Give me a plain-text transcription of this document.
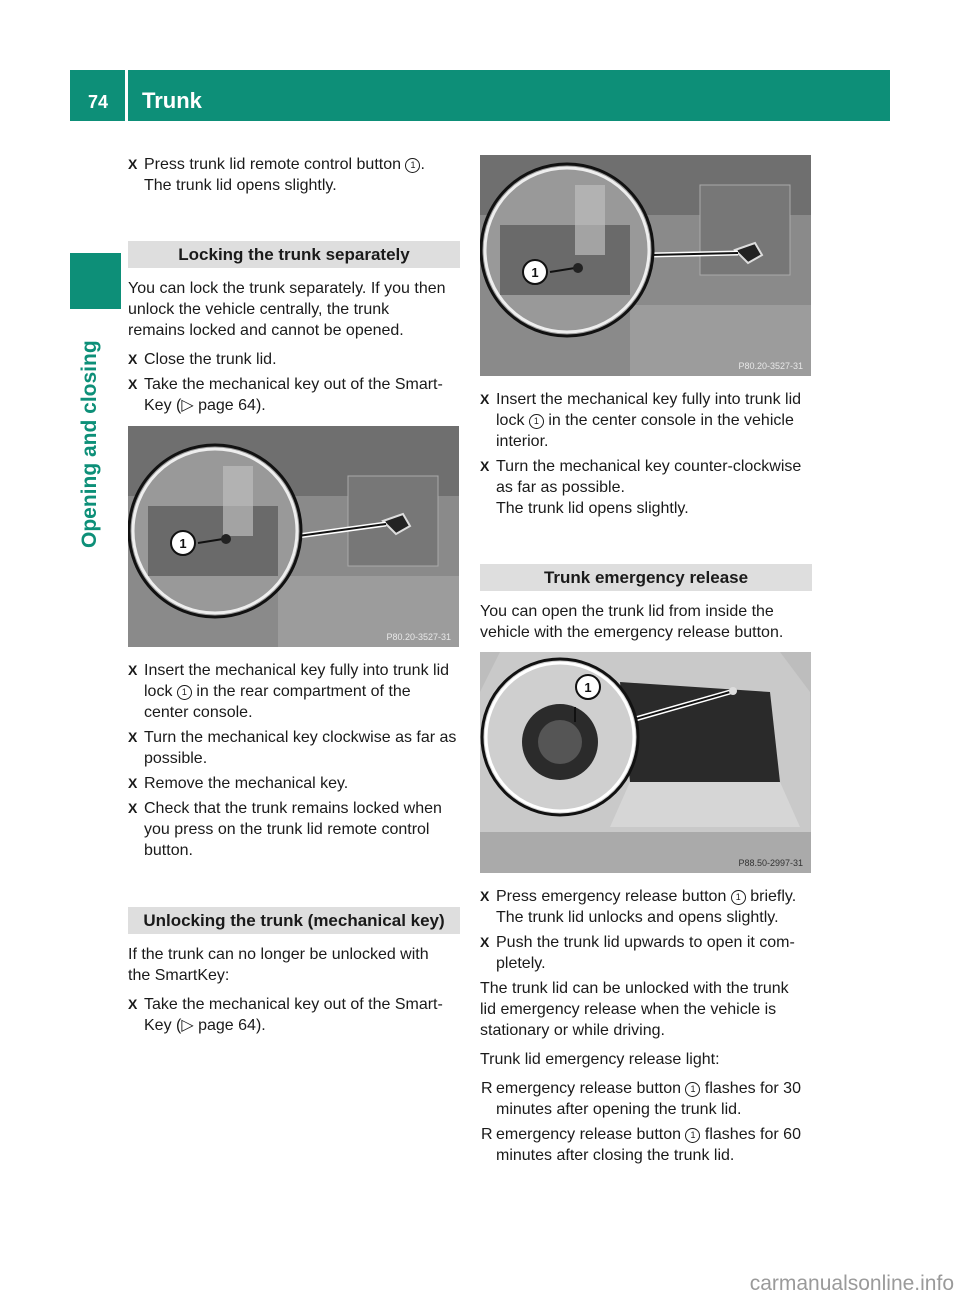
74 Trunk
Opening and closing
X Press trunk lid remote control button 1 .
The trunk lid opens slightly.
Locking the trunk separately

You can lock the trunk separately. If you then
unlock the vehicle centrally, the trunk
remains locked and cannot be opened.

X Close the trunk lid.
X Take the mechanical key out of the Smart-
Key (▷ page 64).
1
P80.20-3527-31
X Insert the mechanical key fully into trunk lid
lock 1 in the rear compartment of the
center console.
X Turn the mechanical key clockwise as far as
possible.
X Remove the mechanical key.
X Check that the trunk remains locked when
you press on the trunk lid remote control
button.
Unlocking the trunk (mechanical key)

If the trunk can no longer be unlocked with
the SmartKey:

X Take the mechanical key out of the Smart-
Key (▷ page 64).
1
P80.20-3527-31
X Insert the mechanical key fully into trunk lid
lock 1 in the center console in the vehicle
interior.
X Turn the mechanical key counter-clockwise
as far as possible.
The trunk lid opens slightly.
Trunk emergency release

You can open the trunk lid from inside the
vehicle with the emergency release button.

1
P88.50-2997-31
X Press emergency release button 1 briefly.
The trunk lid unlocks and opens slightly.
X Push the trunk lid upwards to open it com-
pletely.

The trunk lid can be unlocked with the trunk
lid emergency release when the vehicle is
stationary or while driving.

Trunk lid emergency release light:

R emergency release button 1 flashes for 30 minutes after opening the trunk lid.
R emergency release button 1 flashes for 60 minutes after closing the trunk lid.
carmanualsonline.info
